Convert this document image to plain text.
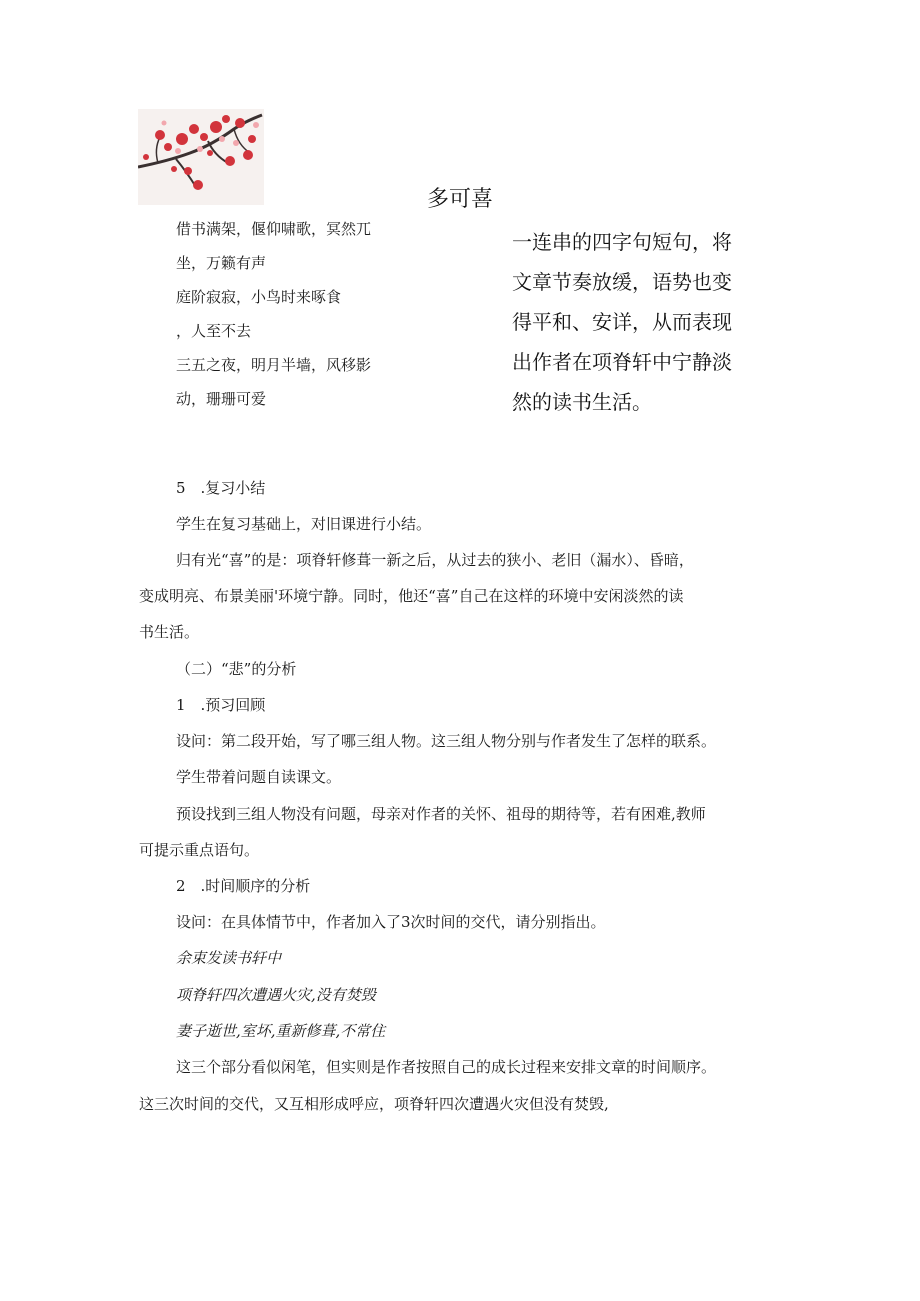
多可喜
借书满架，偃仰啸歌，冥然兀
坐，万籁有声
庭阶寂寂，小鸟时来啄食
，人至不去
三五之夜，明月半墙，风移影
动，珊珊可爱
一连串的四字句短句，将
文章节奏放缓，语势也变
得平和、安详，从而表现
出作者在项脊轩中宁静淡
然的读书生活。
5　.复习小结
学生在复习基础上，对旧课进行小结。
归有光“喜”的是：项脊轩修葺一新之后，从过去的狭小、老旧（漏水）、昏暗，
变成明亮、布景美丽'环境宁静。同时，他还“喜”自己在这样的环境中安闲淡然的读
书生活。
（二）“悲”的分析
1　.预习回顾
设问：第二段开始，写了哪三组人物。这三组人物分别与作者发生了怎样的联系。
学生带着问题自读课文。
预设找到三组人物没有问题，母亲对作者的关怀、祖母的期待等，若有困难,教师
可提示重点语句。
2　.时间顺序的分析
设问：在具体情节中，作者加入了3次时间的交代，请分别指出。
余束发读书轩中
项脊轩四次遭遇火灾,没有焚毁
妻子逝世,室坏,重新修葺,不常住
这三个部分看似闲笔，但实则是作者按照自己的成长过程来安排文章的时间顺序。
这三次时间的交代，又互相形成呼应，项脊轩四次遭遇火灾但没有焚毁,
